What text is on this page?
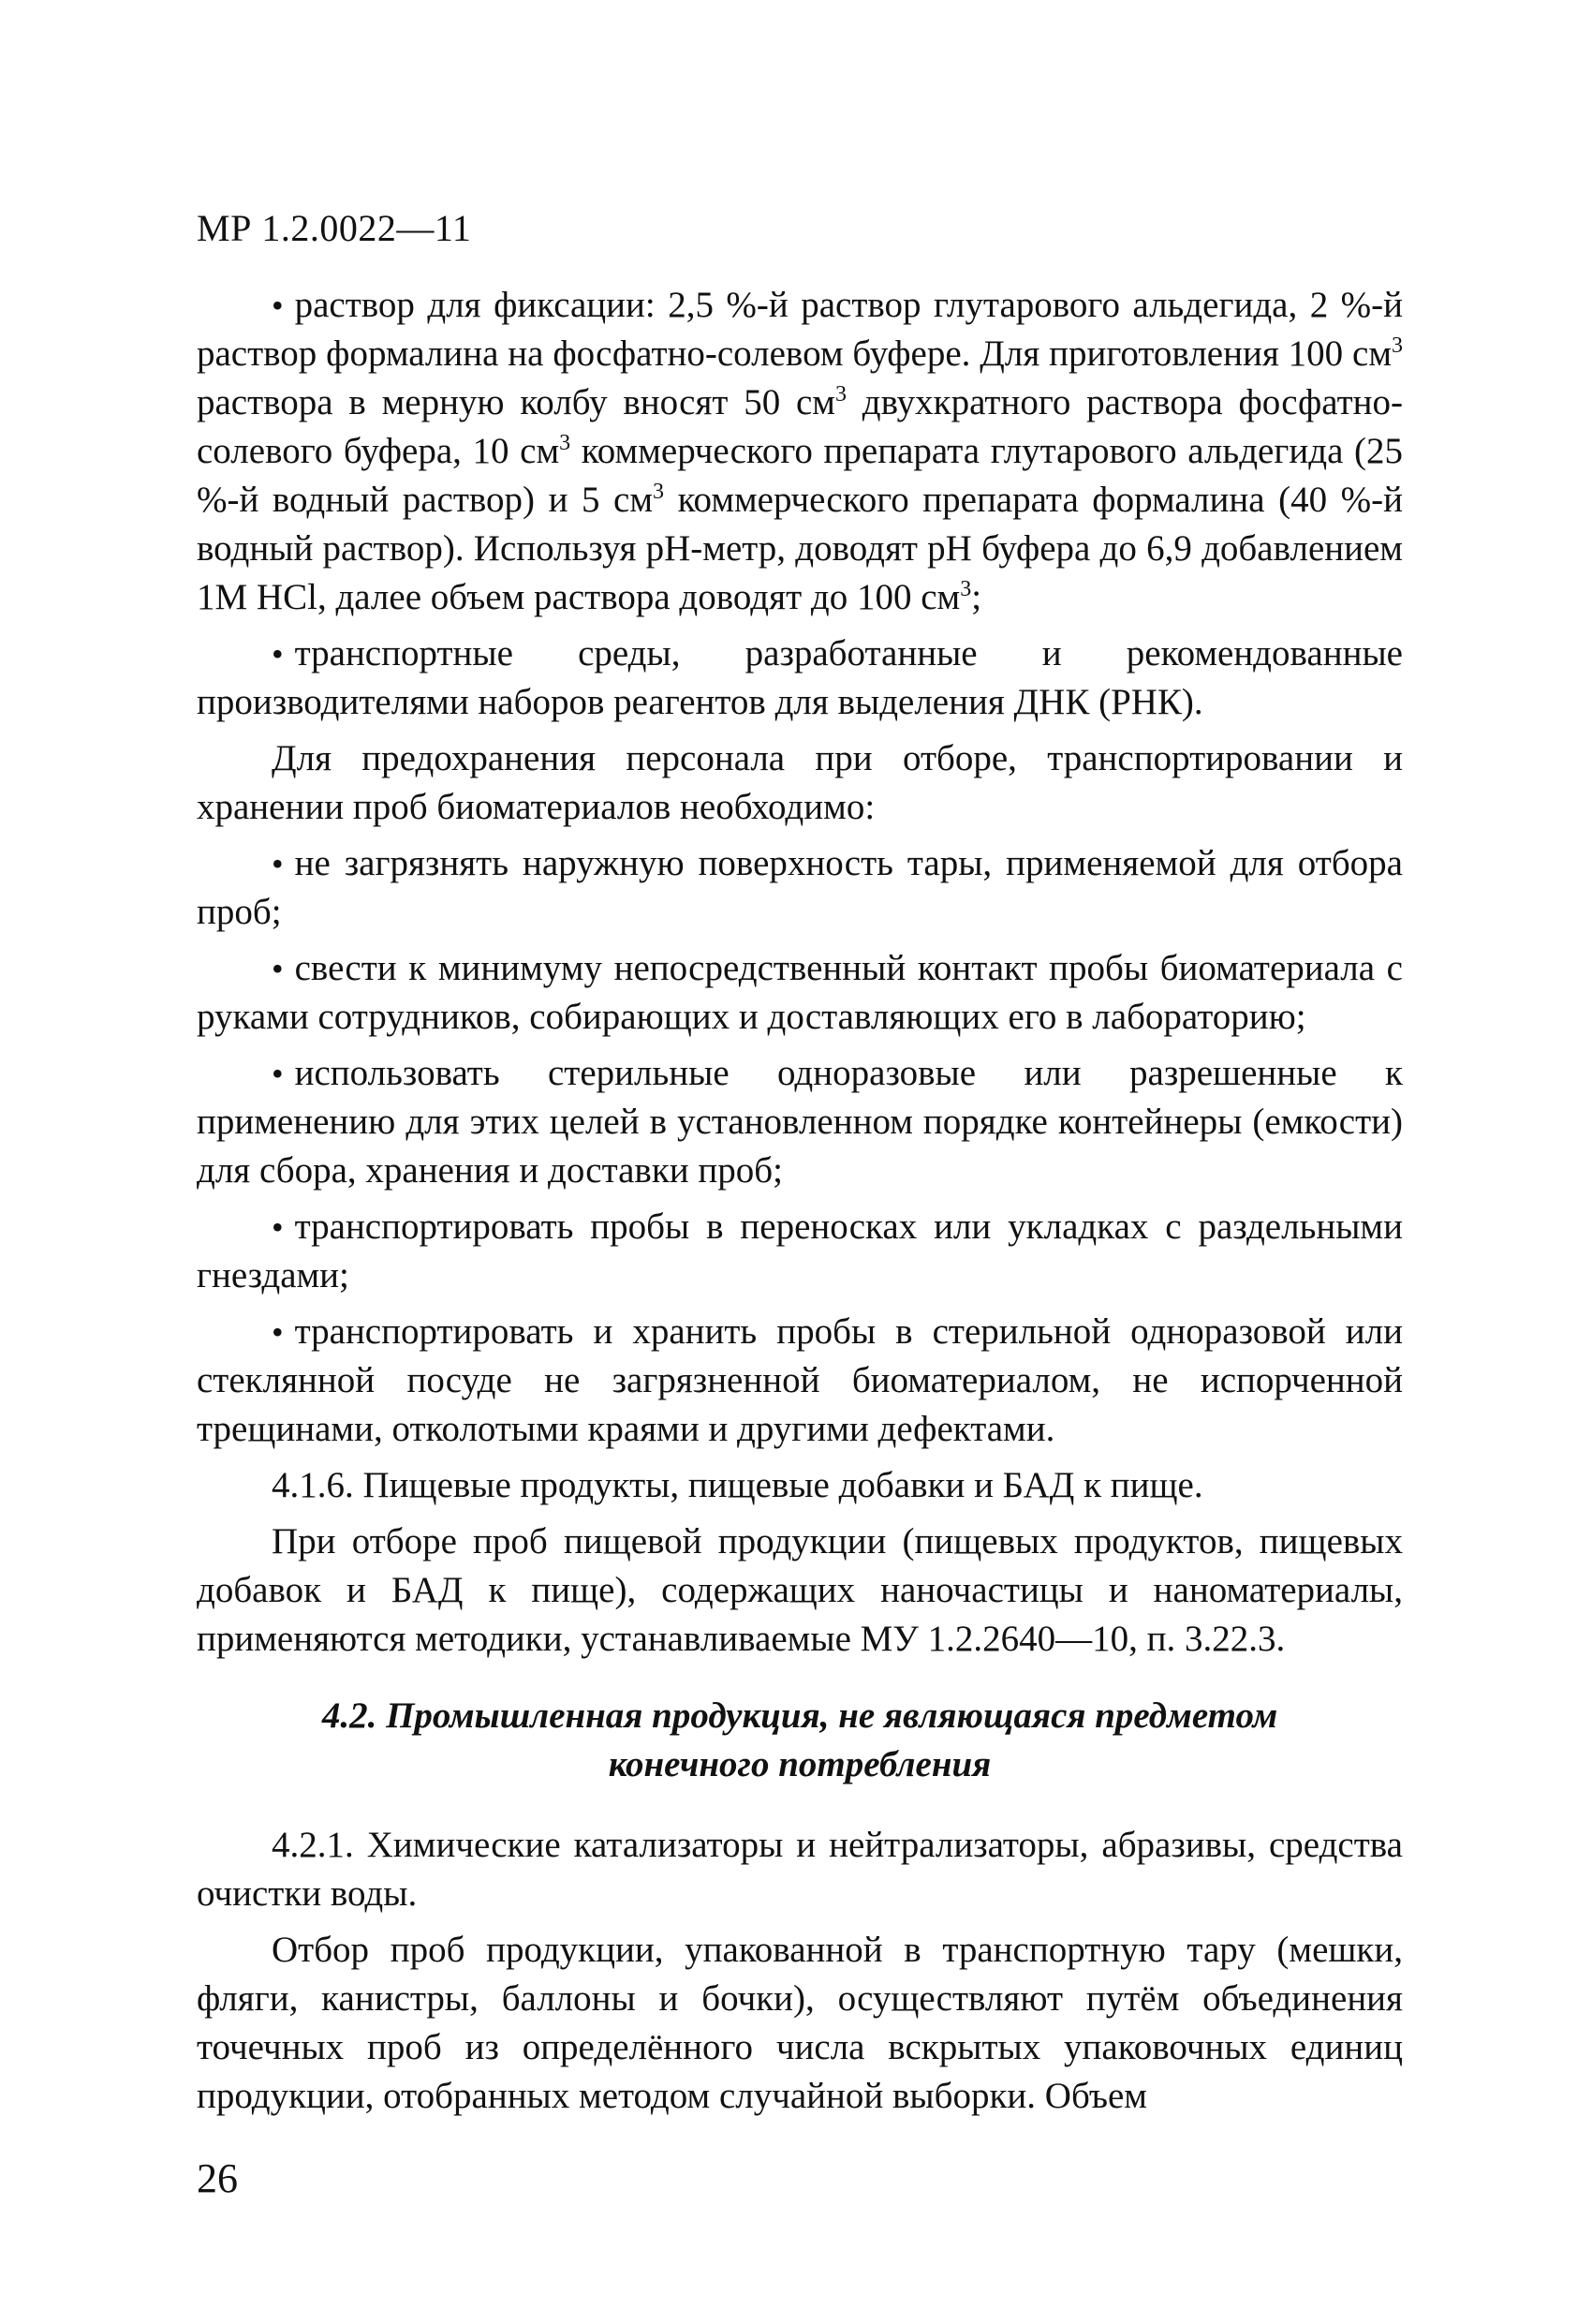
МР 1.2.0022—11

• раствор для фиксации: 2,5 %-й раствор глутарового альдегида, 2 %-й раствор формалина на фосфатно-солевом буфере. Для приготовления 100 $см^3$ раствора в мерную колбу вносят 50 $см^3$ двухкратного раствора фосфатно-солевого буфера, 10 $см^3$ коммерческого препарата глутарового альдегида (25 %-й водный раствор) и 5 $см^3$ коммерческого препарата формалина (40 %-й водный раствор). Используя pH-метр, доводят pH буфера до 6,9 добавлением 1М HCl, далее объем раствора доводят до 100 $см^3$;

• транспортные среды, разработанные и рекомендованные производителями наборов реагентов для выделения ДНК (РНК).

Для предохранения персонала при отборе, транспортировании и хранении проб биоматериалов необходимо:

• не загрязнять наружную поверхность тары, применяемой для отбора проб;

• свести к минимуму непосредственный контакт пробы биоматериала с руками сотрудников, собирающих и доставляющих его в лабораторию;

• использовать стерильные одноразовые или разрешенные к применению для этих целей в установленном порядке контейнеры (емкости) для сбора, хранения и доставки проб;

• транспортировать пробы в переносках или укладках с раздельными гнездами;

• транспортировать и хранить пробы в стерильной одноразовой или стеклянной посуде не загрязненной биоматериалом, не испорченной трещинами, отколотыми краями и другими дефектами.

4.1.6. Пищевые продукты, пищевые добавки и БАД к пище.

При отборе проб пищевой продукции (пищевых продуктов, пищевых добавок и БАД к пище), содержащих наночастицы и наноматериалы, применяются методики, устанавливаемые МУ 1.2.2640—10, п. 3.22.3.

4.2. Промышленная продукция, не являющаяся предметом конечного потребления

4.2.1. Химические катализаторы и нейтрализаторы, абразивы, средства очистки воды.

Отбор проб продукции, упакованной в транспортную тару (мешки, фляги, канистры, баллоны и бочки), осуществляют путём объединения точечных проб из определённого числа вскрытых упаковочных единиц продукции, отобранных методом случайной выборки. Объем

26
